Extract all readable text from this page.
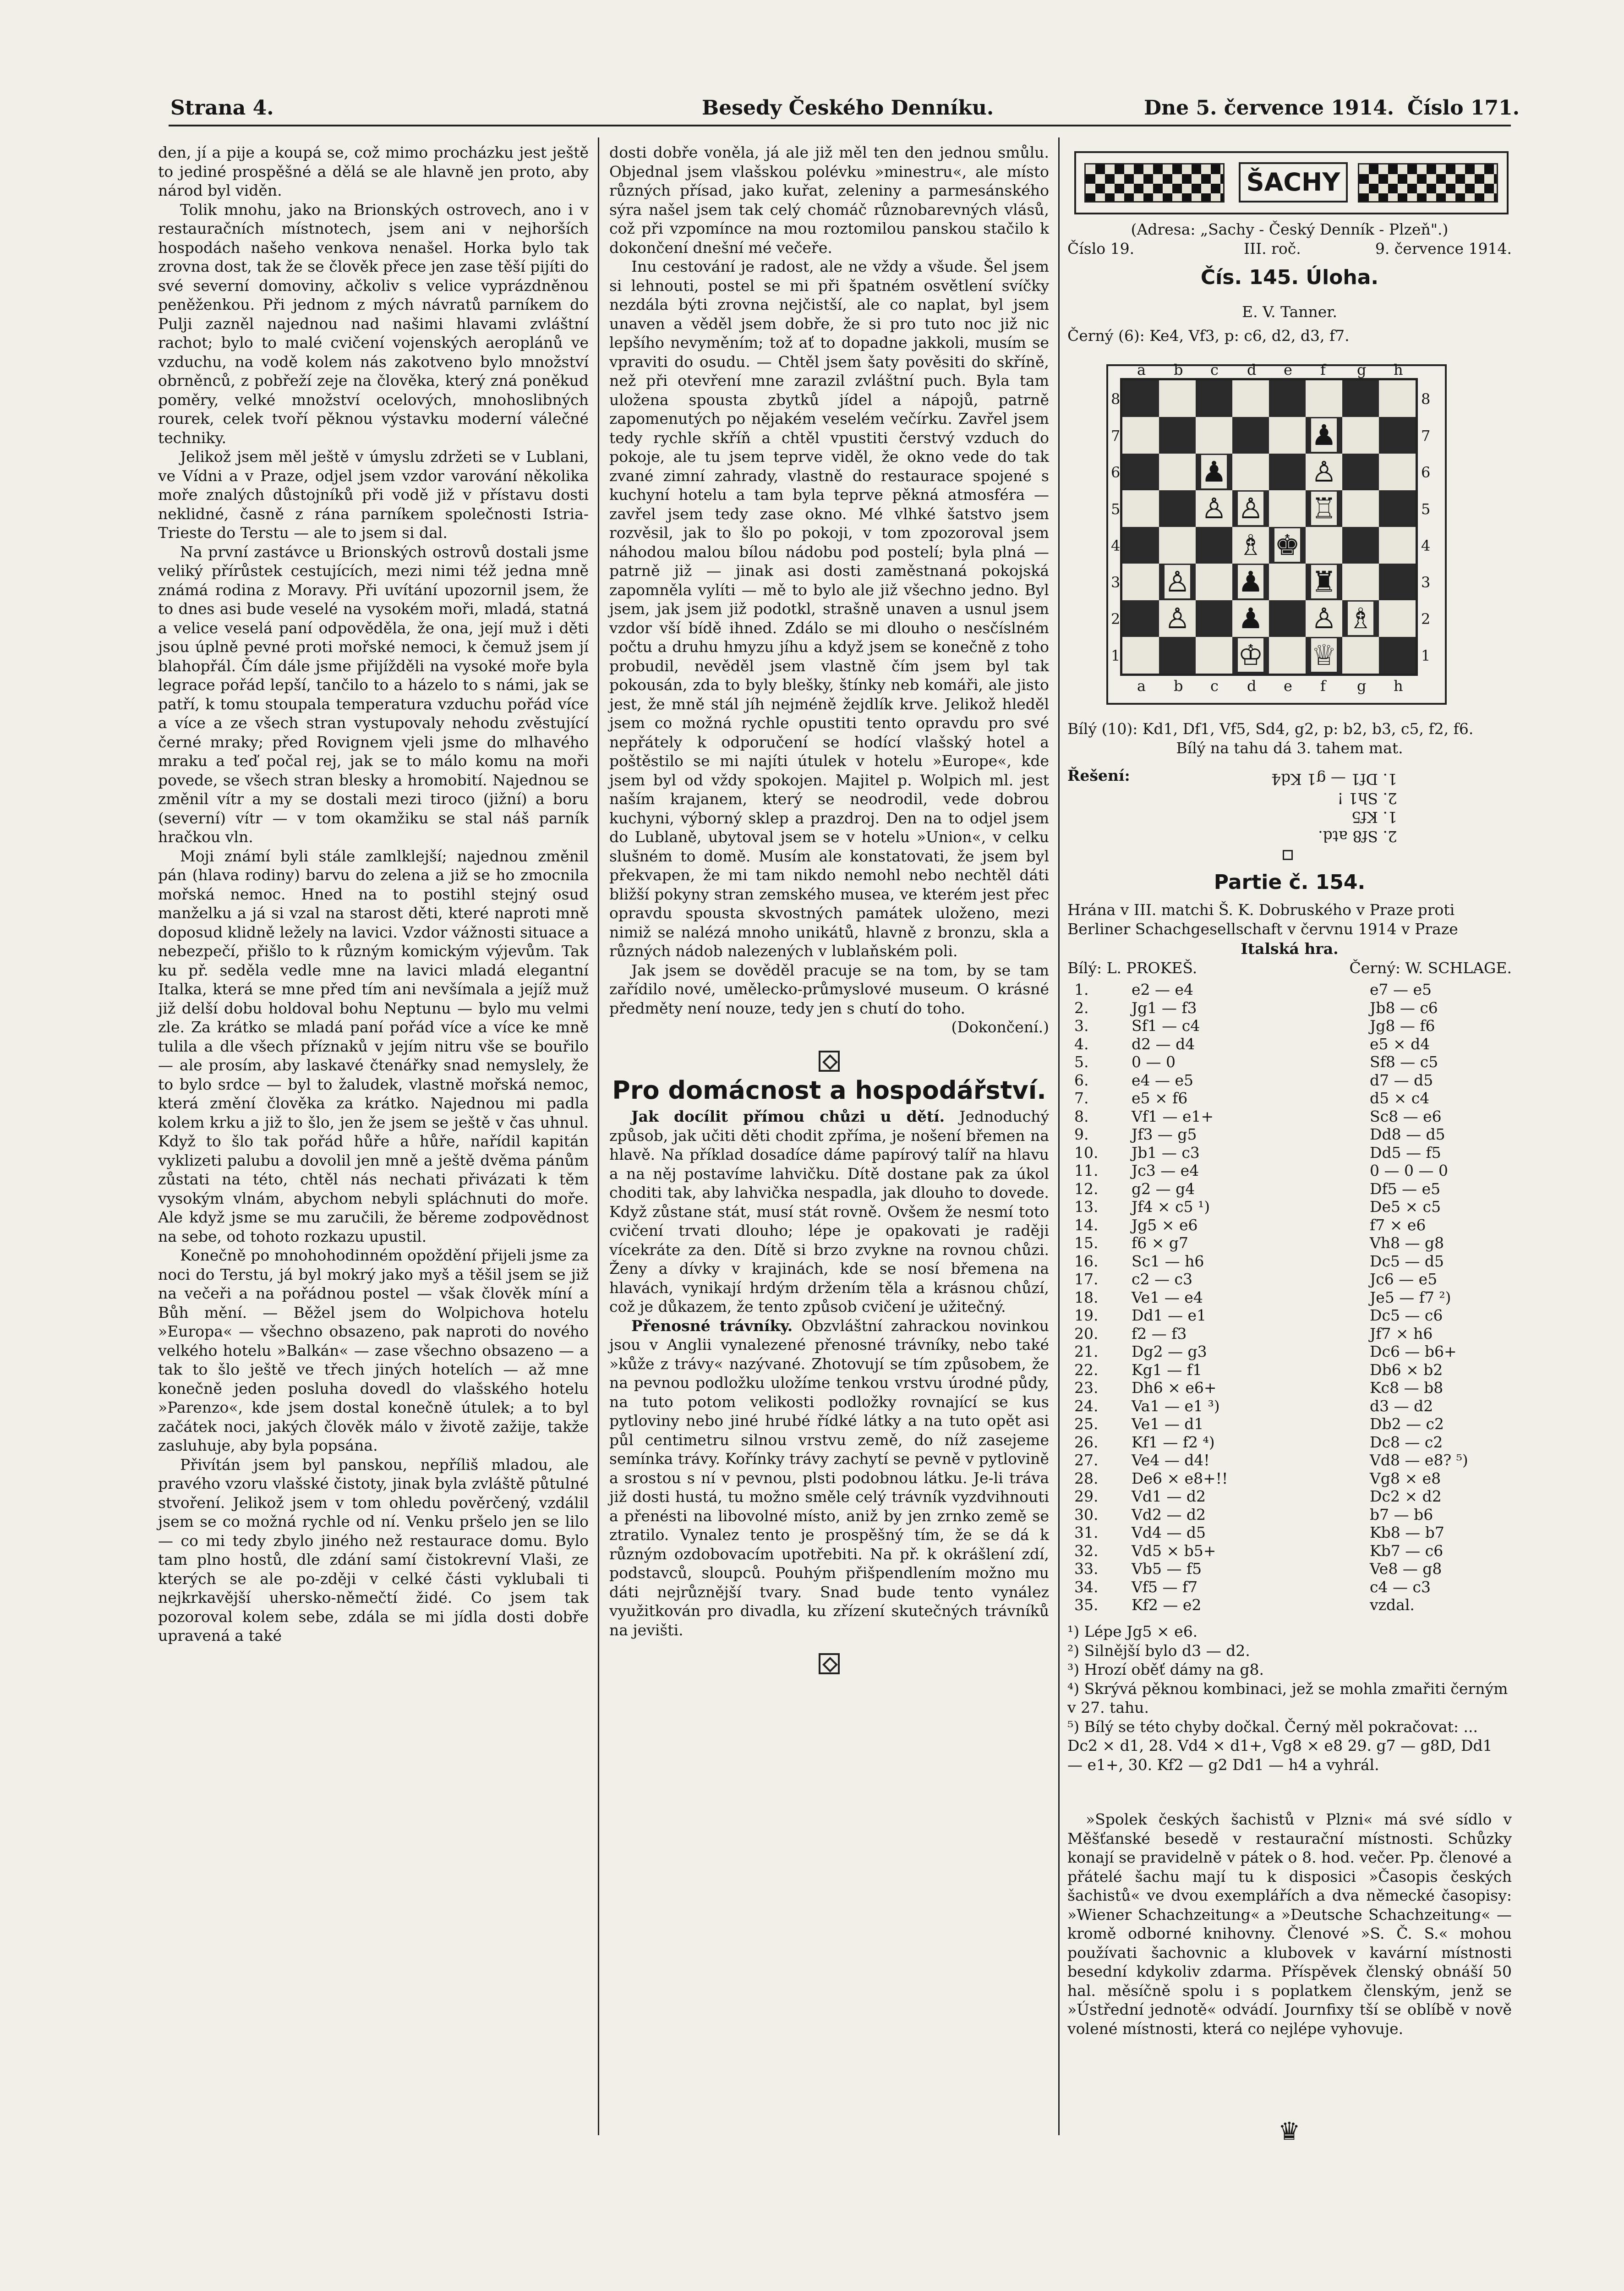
Strana 4.	Besedy Českého Denníku.	Dne 5. července 1914. Číslo 171.

den, jí a pije a koupá se, což mimo procházku jest ještě to jediné prospěšné a dělá se ale hlavně jen proto, aby národ byl viděn.

Tolik mnohu, jako na Brionských ostrovech, ano i v restauračních místnotech, jsem ani v nejhorších hospodách našeho venkova nenašel. Horka bylo tak zrovna dost, tak že se člověk přece jen zase těší pijíti do své severní domoviny, ačkoliv s velice vyprázdněnou peněženkou. Při jednom z mých návratů parníkem do Pulji zazněl najednou nad našimi hlavami zvláštní rachot; bylo to malé cvičení vojenských aeroplánů ve vzduchu, na vodě kolem nás zakotveno bylo množství obrněnců, z pobřeží zeje na člověka, který zná poněkud poměry, velké množství ocelových, mnohoslibných rourek, celek tvoří pěknou výstavku moderní válečné techniky.

Jelikož jsem měl ještě v úmyslu zdržeti se v Lublani, ve Vídni a v Praze, odjel jsem vzdor varování několika moře znalých důstojníků při vodě již v přístavu dosti neklidné, časně z rána parníkem společnosti Istria-Trieste do Terstu — ale to jsem si dal.

Na první zastávce u Brionských ostrovů dostali jsme veliký přírůstek cestujících, mezi nimi též jedna mně známá rodina z Moravy. Při uvítání upozornil jsem, že to dnes asi bude veselé na vysokém moři, mladá, statná a velice veselá paní odpověděla, že ona, její muž i děti jsou úplně pevné proti mořské nemoci, k čemuž jsem jí blahopřál. Čím dále jsme přijížděli na vysoké moře byla legrace pořád lepší, tančilo to a házelo to s námi, jak se patří, k tomu stoupala temperatura vzduchu pořád více a více a ze všech stran vystupovaly nehodu zvěstující černé mraky; před Rovignem vjeli jsme do mlhavého mraku a teď počal rej, jak se to málo komu na moři povede, se všech stran blesky a hromobití. Najednou se změnil vítr a my se dostali mezi tiroco (jižní) a boru (severní) vítr — v tom okamžiku se stal náš parník hračkou vln.

Moji známí byli stále zamlklejší; najednou změnil pán (hlava rodiny) barvu do zelena a již se ho zmocnila mořská nemoc. Hned na to postihl stejný osud manželku a já si vzal na starost děti, které naproti mně doposud klidně ležely na lavici. Vzdor vážnosti situace a nebezpečí, přišlo to k různým komickým výjevům. Tak ku př. seděla vedle mne na lavici mladá elegantní Italka, která se mne před tím ani nevšímala a jejíž muž již delší dobu holdoval bohu Neptunu — bylo mu velmi zle. Za krátko se mladá paní pořád více a více ke mně tulila a dle všech příznaků v jejím nitru vše se bouřilo — ale prosím, aby laskavé čtenářky snad nemyslely, že to bylo srdce — byl to žaludek, vlastně mořská nemoc, která změní člověka za krátko. Najednou mi padla kolem krku a již to šlo, jen že jsem se ještě v čas uhnul. Když to šlo tak pořád hůře a hůře, nařídil kapitán vyklizeti palubu a dovolil jen mně a ještě dvěma pánům zůstati na této, chtěl nás nechati přivázati k těm vysokým vlnám, abychom nebyli spláchnuti do moře. Ale když jsme se mu zaručili, že běreme zodpovědnost na sebe, od tohoto rozkazu upustil.

Konečně po mnohohodinném opoždění přijeli jsme za noci do Terstu, já byl mokrý jako myš a těšil jsem se již na večeři a na pořádnou postel — však člověk míní a Bůh mění. — Běžel jsem do Wolpichova hotelu »Europa« — všechno obsazeno, pak naproti do nového velkého hotelu »Balkán« — zase všechno obsazeno — a tak to šlo ještě ve třech jiných hotelích — až mne konečně jeden posluha dovedl do vlašského hotelu »Parenzo«, kde jsem dostal konečně útulek; a to byl začátek noci, jakých člověk málo v životě zažije, takže zasluhuje, aby byla popsána.

Přivítán jsem byl panskou, nepříliš mladou, ale pravého vzoru vlašské čistoty, jinak byla zvláště půtulné stvoření. Jelikož jsem v tom ohledu pověrčený, vzdálil jsem se co možná rychle od ní. Venku pršelo jen se lilo — co mi tedy zbylo jiného než restaurace domu. Bylo tam plno hostů, dle zdání samí čistokrevní Vlaši, ze kterých se ale po-zději v celké části vyklubali ti nejkrkavější uhersko-němečtí židé. Co jsem tak pozoroval kolem sebe, zdála se mi jídla dosti dobře upravená a také

dosti dobře voněla, já ale již měl ten den jednou smůlu. Objednal jsem vlašskou polévku »minestru«, ale místo různých přísad, jako kuřat, zeleniny a parmesánského sýra našel jsem tak celý chomáč různobarevných vlásů, což při vzpomínce na mou roztomilou panskou stačilo k dokončení dnešní mé večeře.

Inu cestování je radost, ale ne vždy a všude. Šel jsem si lehnouti, postel se mi při špatném osvětlení svíčky nezdála býti zrovna nejčistší, ale co naplat, byl jsem unaven a věděl jsem dobře, že si pro tuto noc již nic lepšího nevyměním; tož ať to dopadne jakkoli, musím se vpraviti do osudu. — Chtěl jsem šaty pověsiti do skříně, než při otevření mne zarazil zvláštní puch. Byla tam uložena spousta zbytků jídel a nápojů, patrně zapomenutých po nějakém veselém večírku. Zavřel jsem tedy rychle skříň a chtěl vpustiti čerstvý vzduch do pokoje, ale tu jsem teprve viděl, že okno vede do tak zvané zimní zahrady, vlastně do restaurace spojené s kuchyní hotelu a tam byla teprve pěkná atmosféra — zavřel jsem tedy zase okno. Mé vlhké šatstvo jsem rozvěsil, jak to šlo po pokoji, v tom zpozoroval jsem náhodou malou bílou nádobu pod postelí; byla plná — patrně již — jinak asi dosti zaměstnaná pokojská zapomněla vylíti — mě to bylo ale již všechno jedno. Byl jsem, jak jsem již podotkl, strašně unaven a usnul jsem vzdor vší bídě ihned. Zdálo se mi dlouho o nesčíslném počtu a druhu hmyzu jíhu a když jsem se konečně z toho probudil, nevěděl jsem vlastně čím jsem byl tak pokousán, zda to byly blešky, štínky neb komáři, ale jisto jest, že mně stál jíh nejméně žejdlík krve. Jelikož hleděl jsem co možná rychle opustiti tento opravdu pro své nepřátely k odporučení se hodící vlašský hotel a poštěstilo se mi najíti útulek v hotelu »Europe«, kde jsem byl od vždy spokojen. Majitel p. Wolpich ml. jest naším krajanem, který se neodrodil, vede dobrou kuchyni, výborný sklep a prazdroj. Den na to odjel jsem do Lublaně, ubytoval jsem se v hotelu »Union«, v celku slušném to domě. Musím ale konstatovati, že jsem byl překvapen, že mi tam nikdo nemohl nebo nechtěl dáti bližší pokyny stran zemského musea, ve kterém jest přec opravdu spousta skvostných památek uloženo, mezi nimiž se nalézá mnoho unikátů, hlavně z bronzu, skla a různých nádob nalezených v lublaňském poli.

Jak jsem se dověděl pracuje se na tom, by se tam zařídilo nové, umělecko-průmyslové museum. O krásné předměty není nouze, tedy jen s chutí do toho.

(Dokončení.)
Pro domácnost a hospodářství.

Jak docílit přímou chůzi u dětí. Jednoduchý způsob, jak učiti děti chodit zpříma, je nošení břemen na hlavě. Na příklad dosadíce dáme papírový talíř na hlavu a na něj postavíme lahvičku. Dítě dostane pak za úkol choditi tak, aby lahvička nespadla, jak dlouho to dovede. Když zůstane stát, musí stát rovně. Ovšem že nesmí toto cvičení trvati dlouho; lépe je opakovati je raději vícekráte za den. Dítě si brzo zvykne na rovnou chůzi. Ženy a dívky v krajinách, kde se nosí břemena na hlavách, vynikají hrdým držením těla a krásnou chůzí, což je důkazem, že tento způsob cvičení je užitečný.

Přenosné trávníky. Obzvláštní zahrackou novinkou jsou v Anglii vynalezené přenosné trávníky, nebo také »kůže z trávy« nazývané. Zhotovují se tím způsobem, že na pevnou podložku uložíme tenkou vrstvu úrodné půdy, na tuto potom velikosti podložky rovnající se kus pytloviny nebo jiné hrubé řídké látky a na tuto opět asi půl centimetru silnou vrstvu země, do níž zasejeme semínka trávy. Kořínky trávy zachytí se pevně v pytlovině a srostou s ní v pevnou, plsti podobnou látku. Je-li tráva již dosti hustá, tu možno směle celý trávník vyzdvihnouti a přenésti na libovolné místo, aniž by jen zrnko země se ztratilo. Vynalez tento je prospěšný tím, že se dá k různým ozdobovacím upotřebiti. Na př. k okrášlení zdí, podstavců, sloupců. Pouhým přišpendlením možno mu dáti nejrůznější tvary. Snad bude tento vynález využitkován pro divadla, ku zřízení skutečných trávníků na jevišti.

ŠACHY
(Adresa: „Sachy - Český Denník - Plzeň".)
Číslo 19.	III. roč.	9. července 1914.
Čís. 145. Úloha.
E. V. Tanner.
Černý (6): Ke4, Vf3, p: c6, d2, d3, f7.
♟
♟
♙ ♖
♙
♚
♗
♙
♙ ♟ ♜
♙ ♟	♗
♕
♔
♙
a
a
b
b
c
c
d
d
e
e
f
f
g
g
h
h
8	8
7	7
6	6
5	5
4	4
3	3
2	2
1	1
Bílý (10): Kd1, Df1, Vf5, Sd4, g2, p: b2, b3, c5, f2, f6.
Bílý na tahu dá 3. tahem mat.
Řešení:
2. Sf8 atd.
1. Kf5
2. Sh1 !
1. Df1 — g1 Kd4
Partie č. 154.
Hrána v III. matchi Š. K. Dobruského v Praze proti Berliner Schachgesellschaft v červnu 1914 v Praze
Italská hra.
Bílý: L. PROKEŠ.	Černý: W. SCHLAGE.
1.	e2 — e4	e7 — e5
2.	Jg1 — f3	Jb8 — c6
3.	Sf1 — c4	Jg8 — f6
4.	d2 — d4	e5 × d4
5.	0 — 0	Sf8 — c5
6.	e4 — e5	d7 — d5
7.	e5 × f6	d5 × c4
8.	Vf1 — e1+	Sc8 — e6
9.	Jf3 — g5	Dd8 — d5
10. Jb1 — c3	Dd5 — f5
11. Jc3 — e4	0 — 0 — 0
12. g2 — g4	Df5 — e5
13. Jf4 × c5 ¹)	De5 × c5
14. Jg5 × e6	f7 × e6
15. f6 × g7	Vh8 — g8
16. Sc1 — h6	Dc5 — d5
17. c2 — c3	Jc6 — e5
18. Ve1 — e4	Je5 — f7 ²)
19. Dd1 — e1	Dc5 — c6
20. f2 — f3	Jf7 × h6
21. Dg2 — g3	Dc6 — b6+
22. Kg1 — f1	Db6 × b2
23. Dh6 × e6+	Kc8 — b8
24. Va1 — e1 ³)	d3 — d2
25. Ve1 — d1	Db2 — c2
26. Kf1 — f2 ⁴)	Dc8 — c2
27. Ve4 — d4!	Vd8 — e8? ⁵)
28. De6 × e8+!!	Vg8 × e8
29. Vd1 — d2	Dc2 × d2
30. Vd2 — d2	b7 — b6
31. Vd4 — d5	Kb8 — b7
32. Vd5 × b5+	Kb7 — c6
33. Vb5 — f5	Ve8 — g8
34. Vf5 — f7	c4 — c3
35. Kf2 — e2	vzdal.
¹) Lépe Jg5 × e6.
²) Silnější bylo d3 — d2.
³) Hrozí oběť dámy na g8.
⁴) Skrývá pěknou kombinaci, jež se mohla zmařiti černým v 27. tahu.
⁵) Bílý se této chyby dočkal. Černý měl pokračovat: ... Dc2 × d1, 28. Vd4 × d1+, Vg8 × e8 29. g7 — g8D, Dd1 — e1+, 30. Kf2 — g2 Dd1 — h4 a vyhrál.
»Spolek českých šachistů v Plzni« má své sídlo v Měšťanské besedě v restaurační místnosti. Schůzky konají se pravidelně v pátek o 8. hod. večer. Pp. členové a přátelé šachu mají tu k disposici »Časopis českých šachistů« ve dvou exemplářích a dva německé časopisy: »Wiener Schachzeitung« a »Deutsche Schachzeitung« — kromě odborné knihovny. Členové »S. Č. S.« mohou používati šachovnic a klubovek v kavární místnosti besední kdykoliv zdarma. Příspěvek členský obnáší 50 hal. měsíčně spolu i s poplatkem členským, jenž se »Ústřední jednotě« odvádí. Journfixy tší se oblíbě v nově volené místnosti, která co nejlépe vyhovuje.
♛
